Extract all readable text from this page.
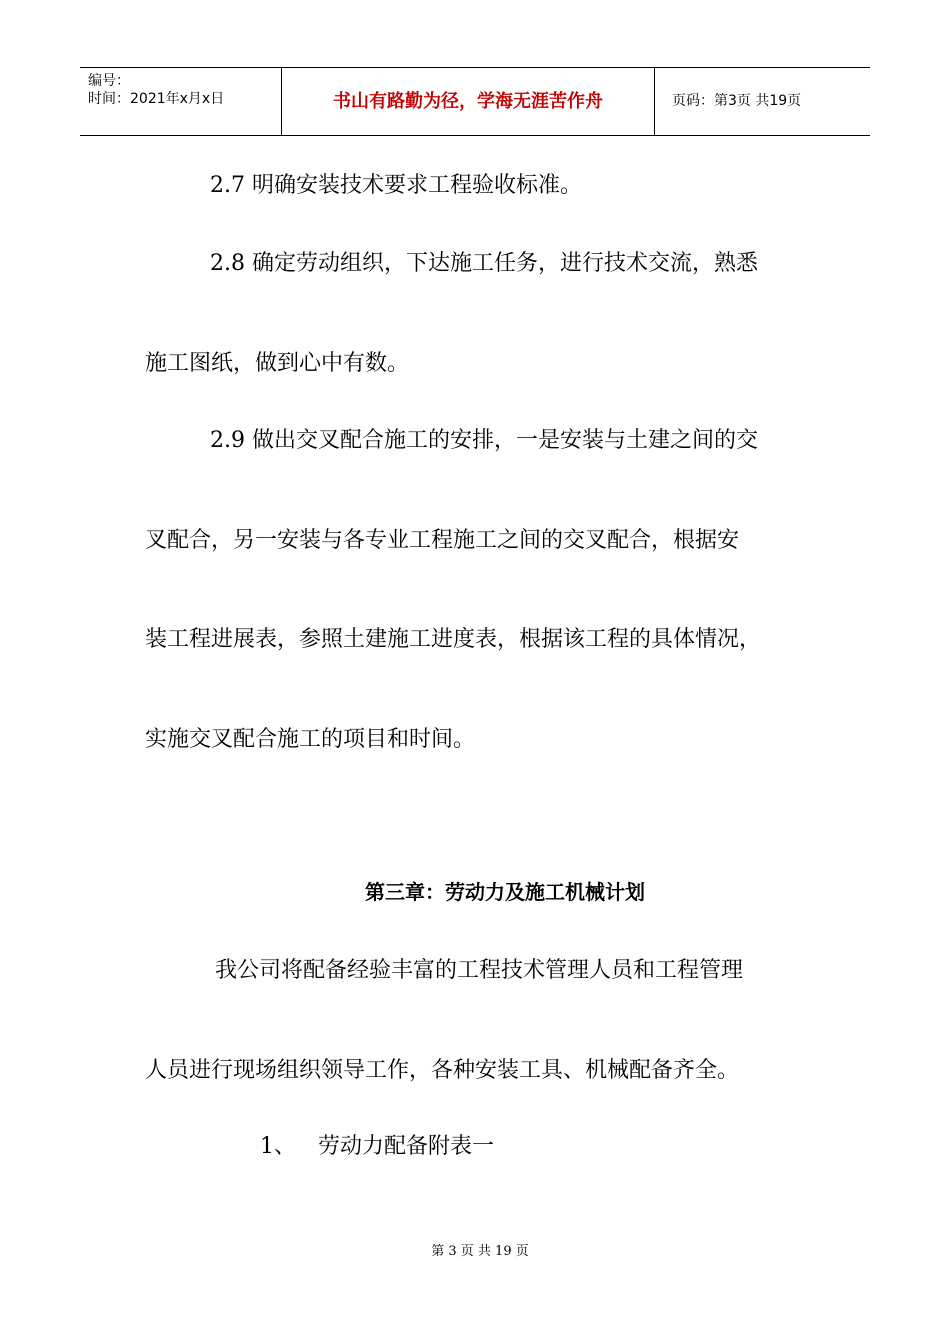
编号：
时间：2021年x月x日	书山有路勤为径，学海无涯苦作舟	页码：第3页 共19页
2.7 明确安装技术要求工程验收标准。
2.8 确定劳动组织，下达施工任务，进行技术交流，熟悉
施工图纸，做到心中有数。
2.9 做出交叉配合施工的安排，一是安装与土建之间的交
叉配合，另一安装与各专业工程施工之间的交叉配合，根据安
装工程进展表，参照土建施工进度表，根据该工程的具体情况，
实施交叉配合施工的项目和时间。
第三章：劳动力及施工机械计划
我公司将配备经验丰富的工程技术管理人员和工程管理
人员进行现场组织领导工作，各种安装工具、机械配备齐全。
1、 劳动力配备附表一
第 3 页 共 19 页
